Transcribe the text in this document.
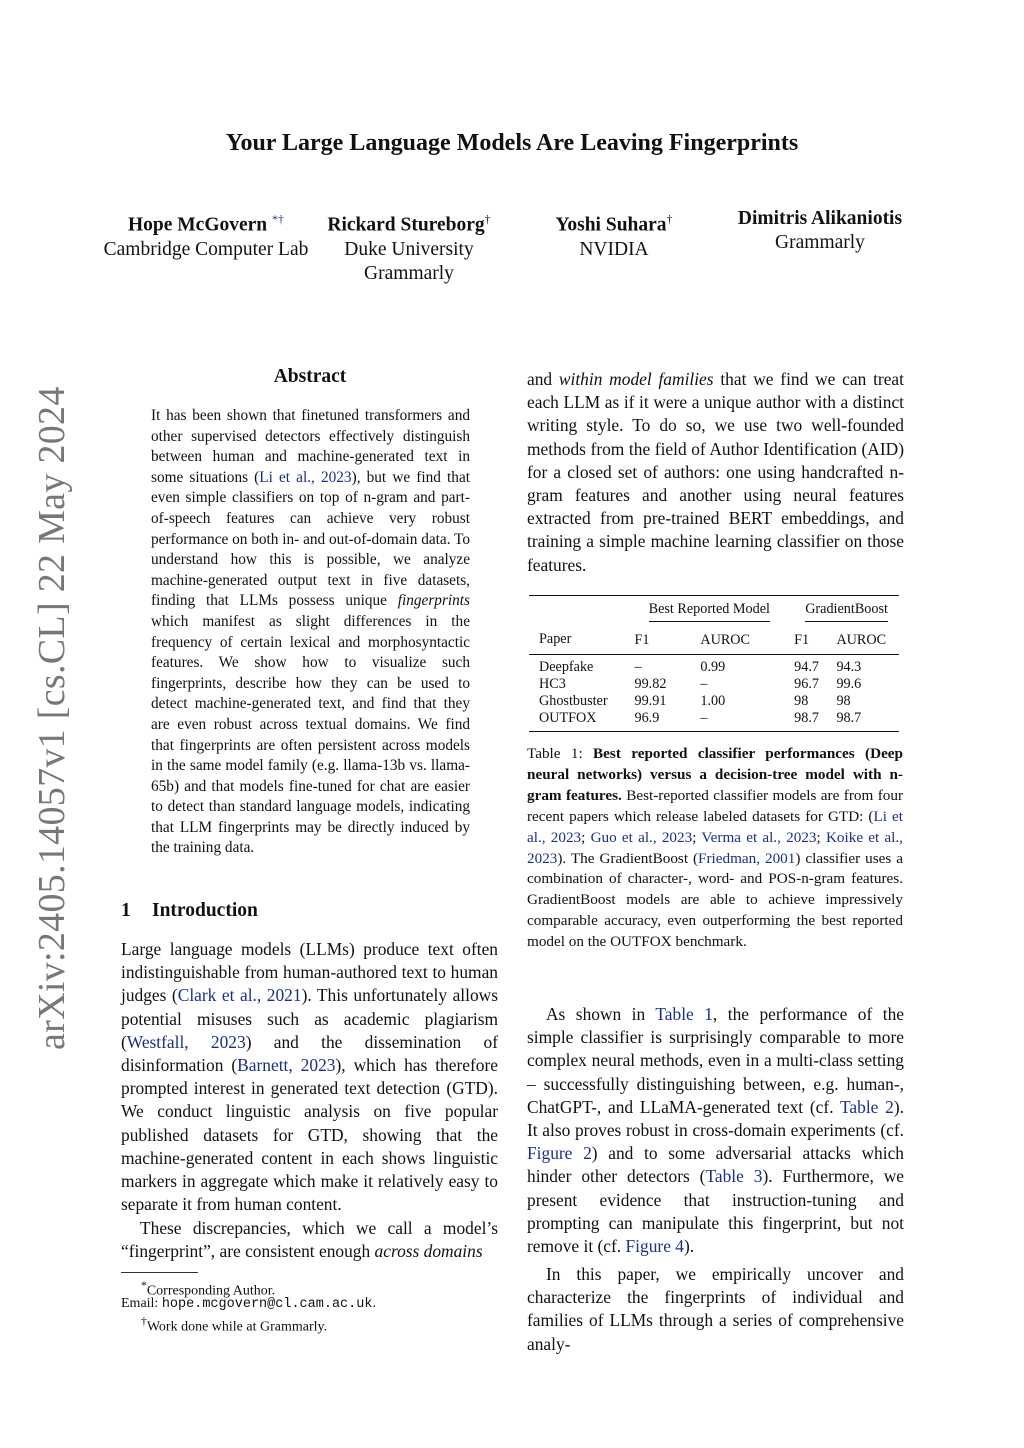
arXiv:2405.14057v1 [cs.CL] 22 May 2024
Your Large Language Models Are Leaving Fingerprints
Hope McGovern *†
Cambridge Computer Lab
Rickard Stureborg†
Duke University
Grammarly
Yoshi Suhara†
NVIDIA
Dimitris Alikaniotis
Grammarly
Abstract
It has been shown that finetuned transformers and other supervised detectors effectively distinguish between human and machine-generated text in some situations (Li et al., 2023), but we find that even simple classifiers on top of n-gram and part-of-speech features can achieve very robust performance on both in- and out-of-domain data. To understand how this is possible, we analyze machine-generated output text in five datasets, finding that LLMs possess unique fingerprints which manifest as slight differences in the frequency of certain lexical and morphosyntactic features. We show how to visualize such fingerprints, describe how they can be used to detect machine-generated text, and find that they are even robust across textual domains. We find that fingerprints are often persistent across models in the same model family (e.g. llama-13b vs. llama-65b) and that models fine-tuned for chat are easier to detect than standard language models, indicating that LLM fingerprints may be directly induced by the training data.
1 Introduction
Large language models (LLMs) produce text often indistinguishable from human-authored text to human judges (Clark et al., 2021). This unfortunately allows potential misuses such as academic plagiarism (Westfall, 2023) and the dissemination of disinformation (Barnett, 2023), which has therefore prompted interest in generated text detection (GTD). We conduct linguistic analysis on five popular published datasets for GTD, showing that the machine-generated content in each shows linguistic markers in aggregate which make it relatively easy to separate it from human content.
These discrepancies, which we call a model’s “fingerprint”, are consistent enough across domains
*Corresponding Author.
Email: hope.mcgovern@cl.cam.ac.uk.
†Work done while at Grammarly.
and within model families that we find we can treat each LLM as if it were a unique author with a distinct writing style. To do so, we use two well-founded methods from the field of Author Identification (AID) for a closed set of authors: one using handcrafted n-gram features and another using neural features extracted from pre-trained BERT embeddings, and training a simple machine learning classifier on those features.
	Best Reported Model		GradientBoost	
Paper	F1	AUROC	F1	AUROC
Deepfake	–	0.99	94.7	94.3
HC3	99.82	–	96.7	99.6
Ghostbuster	99.91	1.00	98	98
OUTFOX	96.9	–	98.7	98.7
Table 1: Best reported classifier performances (Deep neural networks) versus a decision-tree model with n-gram features. Best-reported classifier models are from four recent papers which release labeled datasets for GTD: (Li et al., 2023; Guo et al., 2023; Verma et al., 2023; Koike et al., 2023). The GradientBoost (Friedman, 2001) classifier uses a combination of character-, word- and POS-n-gram features. GradientBoost models are able to achieve impressively comparable accuracy, even outperforming the best reported model on the OUTFOX benchmark.
As shown in Table 1, the performance of the simple classifier is surprisingly comparable to more complex neural methods, even in a multi-class setting – successfully distinguishing between, e.g. human-, ChatGPT-, and LLaMA-generated text (cf. Table 2). It also proves robust in cross-domain experiments (cf. Figure 2) and to some adversarial attacks which hinder other detectors (Table 3). Furthermore, we present evidence that instruction-tuning and prompting can manipulate this fingerprint, but not remove it (cf. Figure 4).
In this paper, we empirically uncover and characterize the fingerprints of individual and families of LLMs through a series of comprehensive analy-
